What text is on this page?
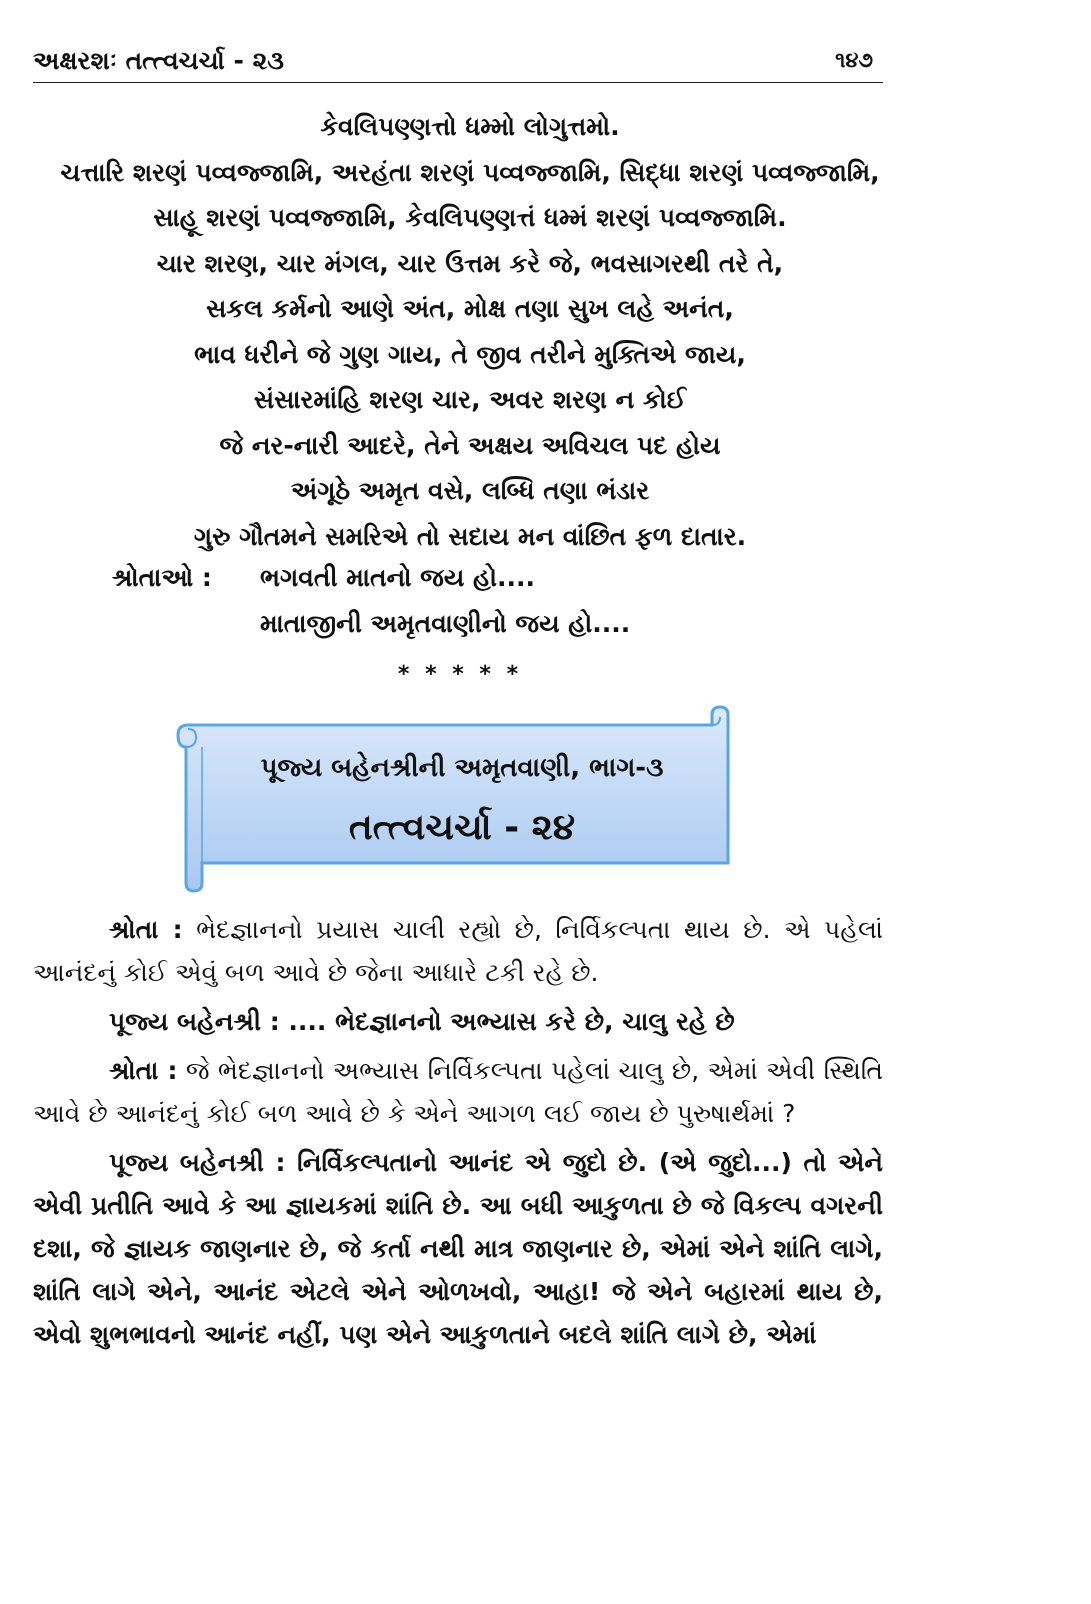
અક્ષરશઃ તત્ત્વચર્ચા - ૨૩	૧૪૭
કેવલિપણ્ણત્તો ધમ્મો લોગુત્તમો.
ચત્તારિ શરણં પવ્વજ્જામિ, અરહંતા શરણં પવ્વજ્જામિ, સિદ્ધા શરણં પવ્વજ્જામિ,
સાહૂ શરણં પવ્વજ્જામિ, કેવલિપણ્ણત્તં ધમ્મં શરણં પવ્વજ્જામિ.
ચાર શરણ, ચાર મંગલ, ચાર ઉત્તમ કરે જે, ભવસાગરથી તરે તે,
સકલ કર્મનો આણે અંત, મોક્ષ તણા સુખ લહે અનંત,
ભાવ ધરીને જે ગુણ ગાય, તે જીવ તરીને મુક્તિએ જાય,
સંસારમાંહિ શરણ ચાર, અવર શરણ ન કોઈ
જે નર-નારી આદરે, તેને અક્ષય અવિચલ પદ હોય
અંગૂઠે અમૃત વસે, લબ્ધિ તણા ભંડાર
ગુરુ ગૌતમને સમરિએ તો સદાય મન વાંછિત ફળ દાતાર.
શ્રોતાઓ : ભગવતી માતનો જય હો....
માતાજીની અમૃતવાણીનો જય હો....
* * * * *
પૂજ્ય બહેનશ્રીની અમૃતવાણી, ભાગ-૩
તત્ત્વચર્ચા - ૨૪

શ્રોતા : ભેદજ્ઞાનનો પ્રયાસ ચાલી રહ્યો છે, નિર્વિકલ્પતા થાય છે. એ પહેલાં આનંદનું કોઈ એવું બળ આવે છે જેના આધારે ટકી રહે છે.

પૂજ્ય બહેનશ્રી : .... ભેદજ્ઞાનનો અભ્યાસ કરે છે, ચાલુ રહે છે

શ્રોતા : જે ભેદજ્ઞાનનો અભ્યાસ નિર્વિકલ્પતા પહેલાં ચાલુ છે, એમાં એવી સ્થિતિ આવે છે આનંદનું કોઈ બળ આવે છે કે એને આગળ લઈ જાય છે પુરુષાર્થમાં ?

પૂજ્ય બહેનશ્રી : નિર્વિકલ્પતાનો આનંદ એ જુદો છે. (એ જુદો...) તો એને એવી પ્રતીતિ આવે કે આ જ્ઞાયકમાં શાંતિ છે. આ બધી આકુળતા છે જે વિકલ્પ વગરની દશા, જે જ્ઞાયક જાણનાર છે, જે કર્તા નથી માત્ર જાણનાર છે, એમાં એને શાંતિ લાગે, શાંતિ લાગે એને, આનંદ એટલે એને ઓળખવો, આહા! જે એને બહારમાં થાય છે, એવો શુભભાવનો આનંદ નહીં, પણ એને આકુળતાને બદલે શાંતિ લાગે છે, એમાં
